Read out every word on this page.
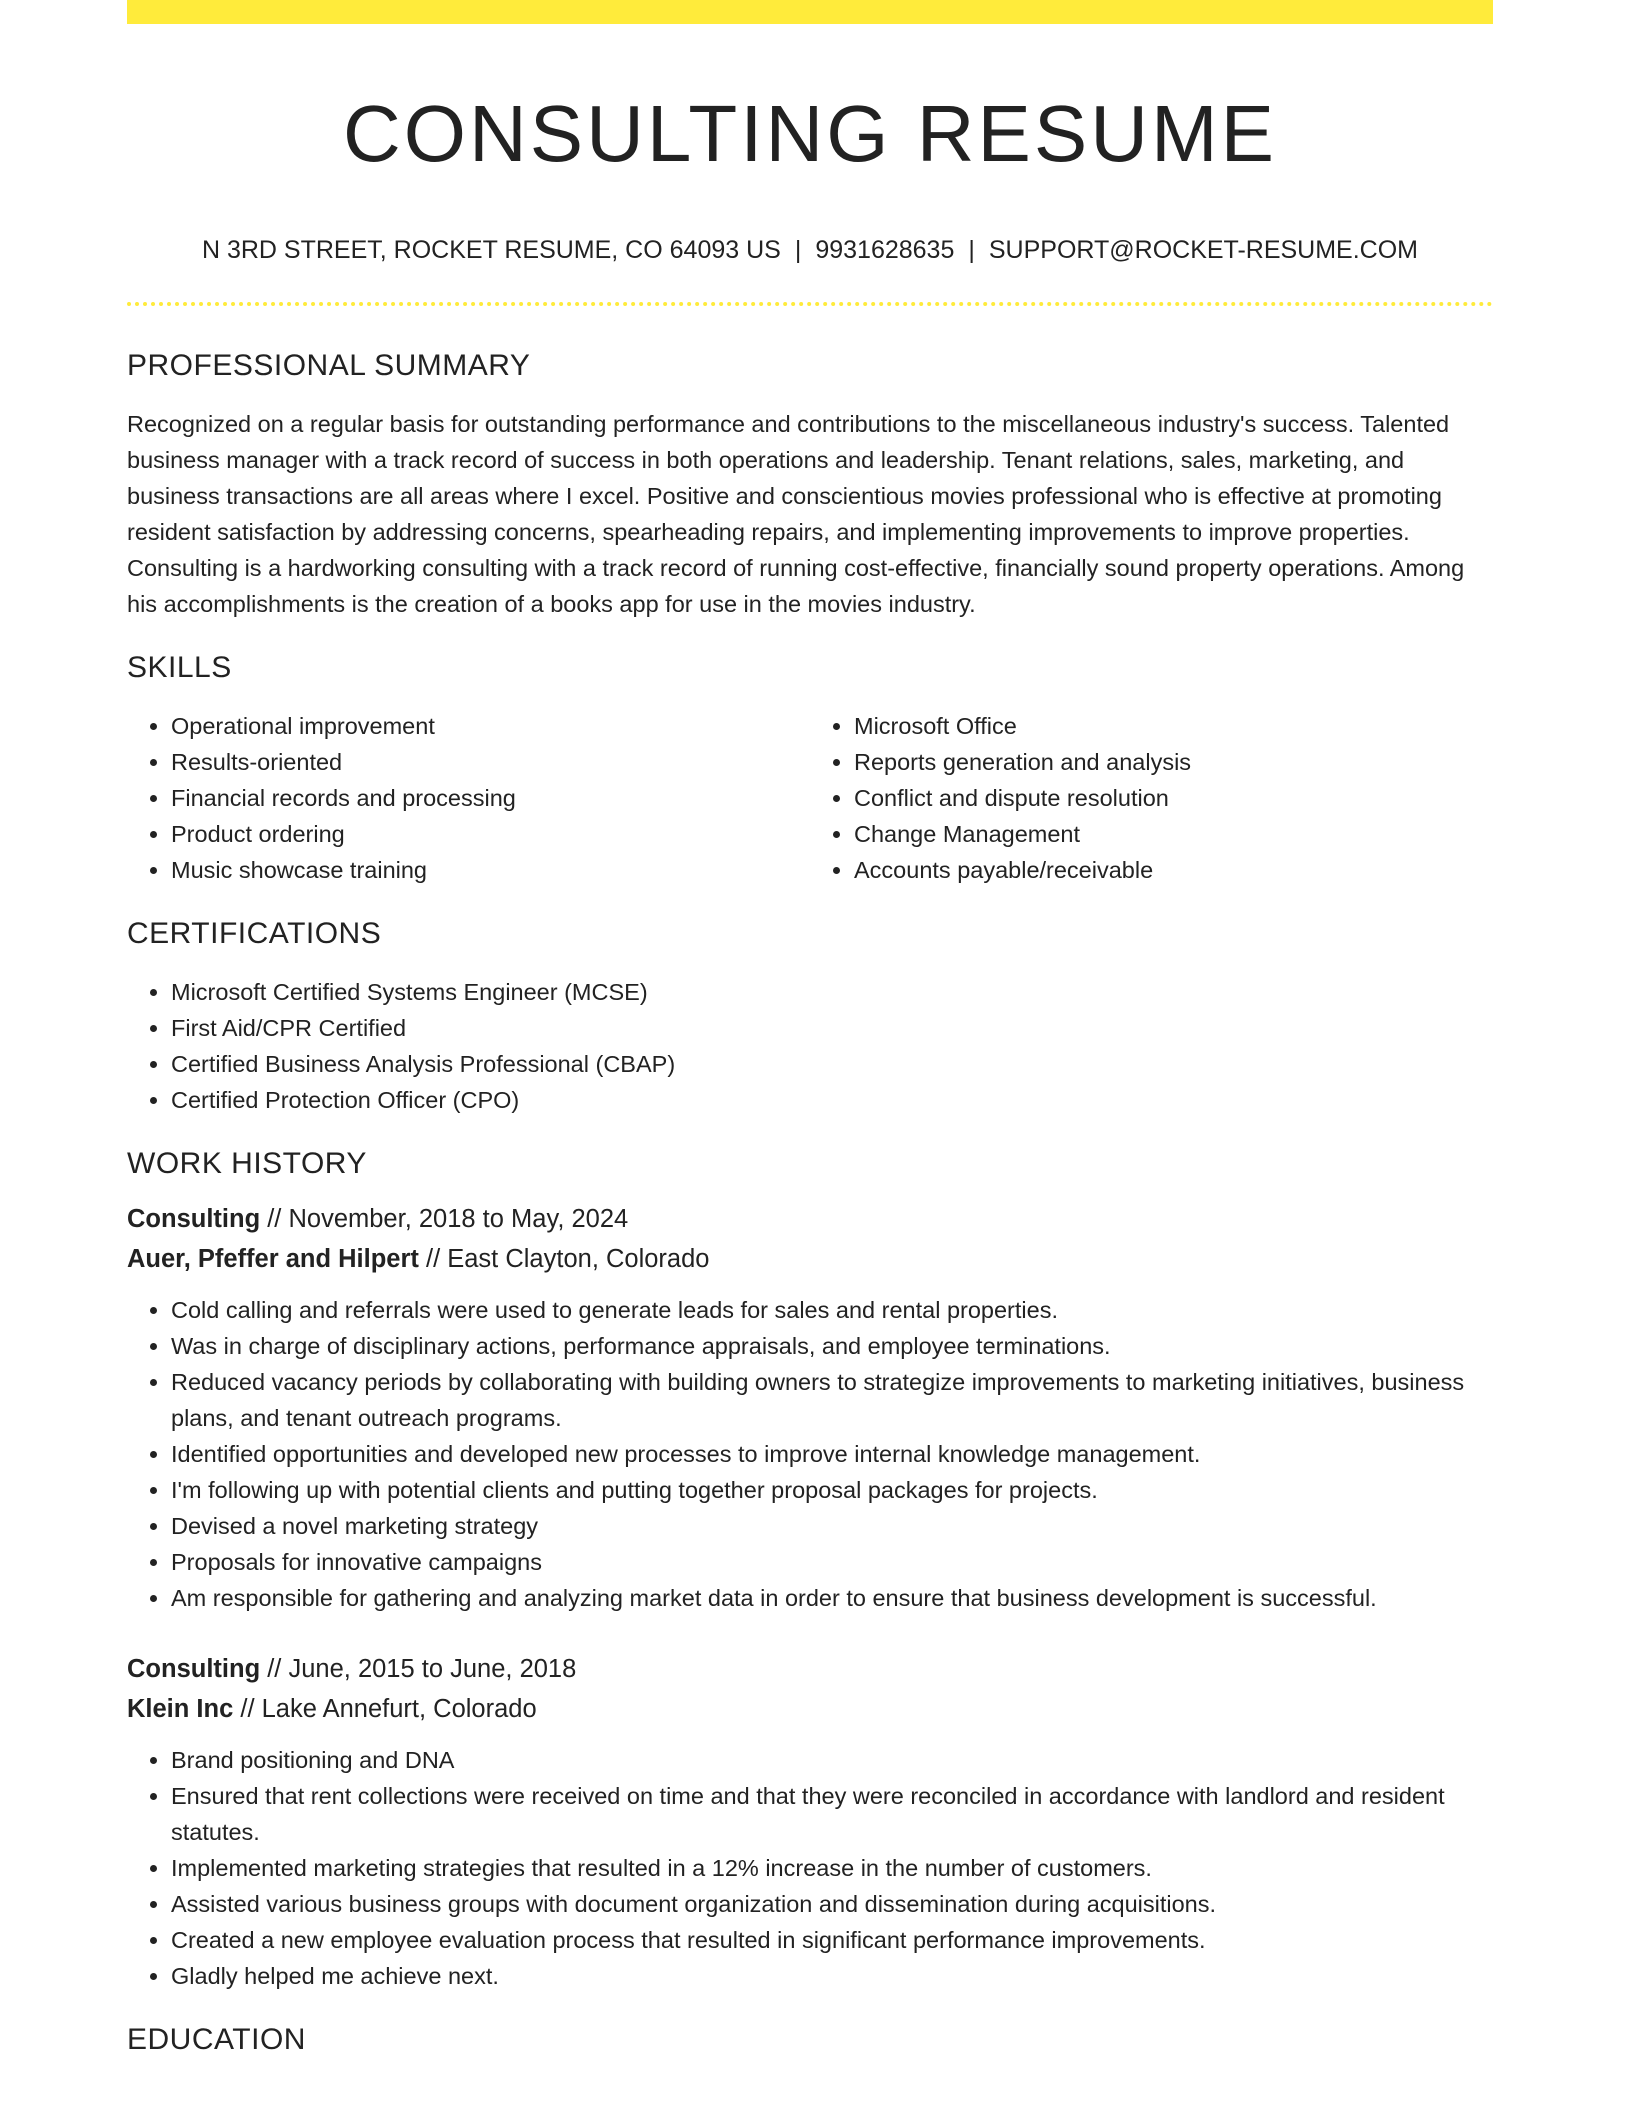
CONSULTING RESUME
N 3RD STREET, ROCKET RESUME, CO 64093 US | 9931628635 | SUPPORT@ROCKET-RESUME.COM
PROFESSIONAL SUMMARY
Recognized on a regular basis for outstanding performance and contributions to the miscellaneous industry's success. Talented business manager with a track record of success in both operations and leadership. Tenant relations, sales, marketing, and business transactions are all areas where I excel. Positive and conscientious movies professional who is effective at promoting resident satisfaction by addressing concerns, spearheading repairs, and implementing improvements to improve properties. Consulting is a hardworking consulting with a track record of running cost-effective, financially sound property operations. Among his accomplishments is the creation of a books app for use in the movies industry.
SKILLS
• Operational improvement
• Results-oriented
• Financial records and processing
• Product ordering
• Music showcase training
• Microsoft Office
• Reports generation and analysis
• Conflict and dispute resolution
• Change Management
• Accounts payable/receivable
CERTIFICATIONS
• Microsoft Certified Systems Engineer (MCSE)
• First Aid/CPR Certified
• Certified Business Analysis Professional (CBAP)
• Certified Protection Officer (CPO)
WORK HISTORY
Consulting // November, 2018 to May, 2024
Auer, Pfeffer and Hilpert // East Clayton, Colorado
• Cold calling and referrals were used to generate leads for sales and rental properties.
• Was in charge of disciplinary actions, performance appraisals, and employee terminations.
• Reduced vacancy periods by collaborating with building owners to strategize improvements to marketing initiatives, business plans, and tenant outreach programs.
• Identified opportunities and developed new processes to improve internal knowledge management.
• I'm following up with potential clients and putting together proposal packages for projects.
• Devised a novel marketing strategy
• Proposals for innovative campaigns
• Am responsible for gathering and analyzing market data in order to ensure that business development is successful.
Consulting // June, 2015 to June, 2018
Klein Inc // Lake Annefurt, Colorado
• Brand positioning and DNA
• Ensured that rent collections were received on time and that they were reconciled in accordance with landlord and resident statutes.
• Implemented marketing strategies that resulted in a 12% increase in the number of customers.
• Assisted various business groups with document organization and dissemination during acquisitions.
• Created a new employee evaluation process that resulted in significant performance improvements.
• Gladly helped me achieve next.
EDUCATION
